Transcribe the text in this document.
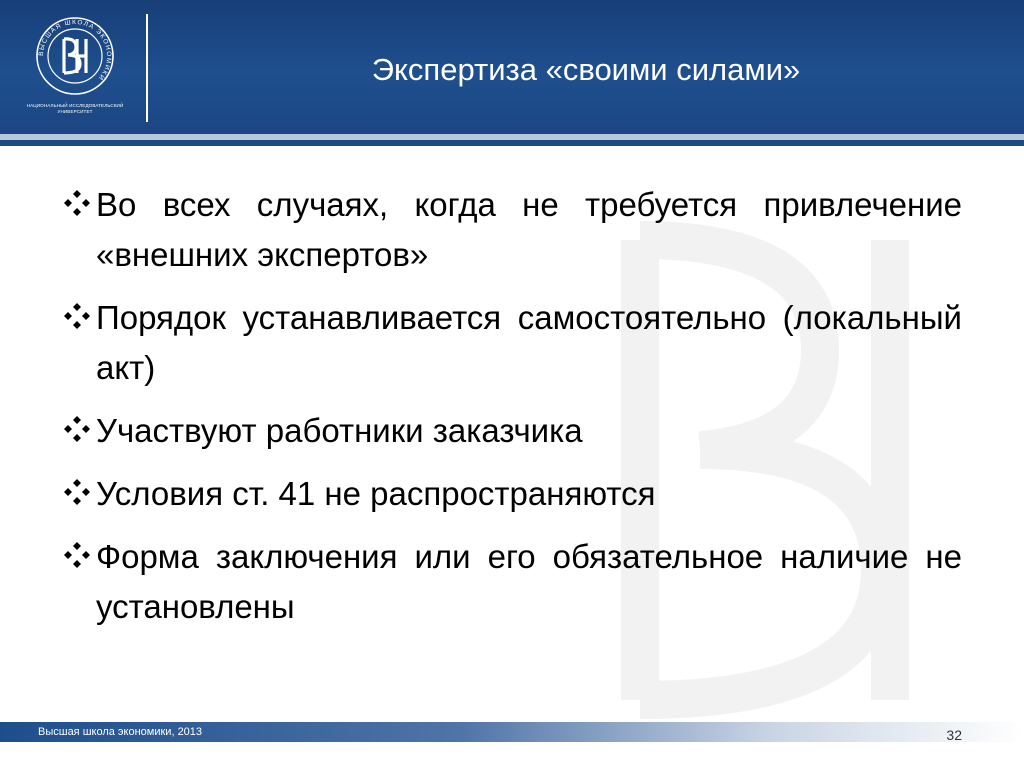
ВЫСШАЯ ШКОЛА ЭКОНОМИКИ
НАЦИОНАЛЬНЫЙ ИССЛЕДОВАТЕЛЬСКИЙ
УНИВЕРСИТЕТ
Экспертиза «своими силами»
Во всех случаях, когда не требуется привлечение «внешних экспертов»
Порядок устанавливается самостоятельно (локальный акт)
Участвуют работники заказчика
Условия ст. 41 не распространяются
Форма заключения или его обязательное наличие не установлены
Высшая школа экономики, 2013	32
